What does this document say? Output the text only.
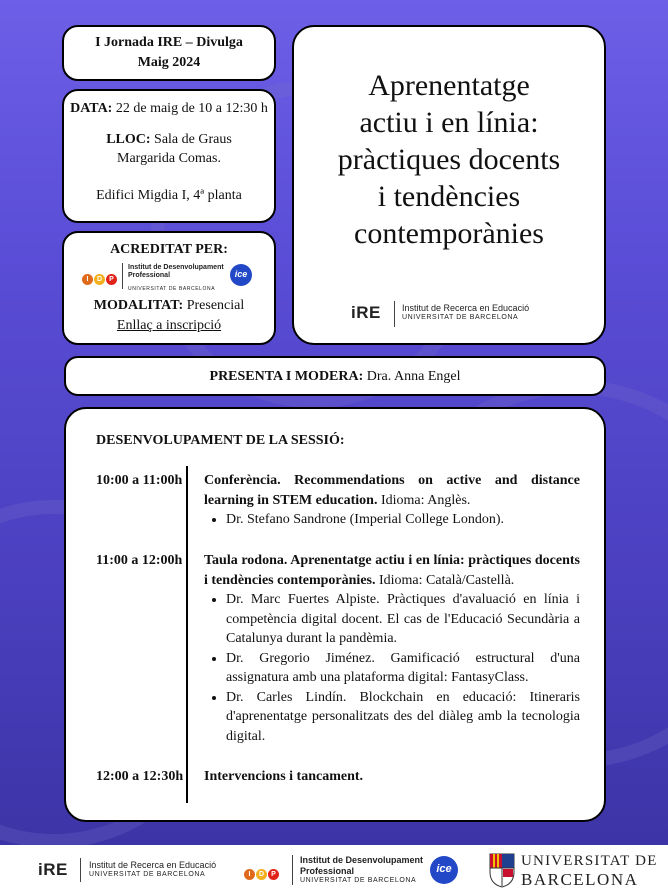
I Jornada IRE – Divulga
Maig 2024

DATA: 22 de maig de 10 a 12:30 h

LLOC: Sala de Graus
Margarida Comas.

Edifici Migdia I, 4ª planta

ACREDITAT PER:
I D P
Institut de Desenvolupament
Professional
UNIVERSITAT DE BARCELONA
ice
MODALITAT: Presencial
Enllaç a inscripció
Aprenentatge
actiu i en línia:
pràctiques docents
i tendències
contemporànies
iRE Institut de Recerca en Educació
UNIVERSITAT DE BARCELONA
PRESENTA I MODERA: Dra. Anna Engel
DESENVOLUPAMENT DE LA SESSIÓ:
10:00 a 11:00h Conferència. Recommendations on active and distance learning in STEM education. Idioma: Anglès.
• Dr. Stefano Sandrone (Imperial College London).
11:00 a 12:00h Taula rodona. Aprenentatge actiu i en línia: pràctiques docents i tendències contemporànies. Idioma: Català/Castellà.
• Dr. Marc Fuertes Alpiste. Pràctiques d'avaluació en línia i competència digital docent. El cas de l'Educació Secundària a Catalunya durant la pandèmia.
• Dr. Gregorio Jiménez. Gamificació estructural d'una assignatura amb una plataforma digital: FantasyClass.
• Dr. Carles Lindín. Blockchain en educació: Itineraris d'aprenentatge personalitzats des del diàleg amb la tecnologia digital.
12:00 a 12:30h Intervencions i tancament.
iRE Institut de Recerca en Educació
UNIVERSITAT DE BARCELONA	I D P
Institut de Desenvolupament
Professional
UNIVERSITAT DE BARCELONA
ice	UNIVERSITAT DE
BARCELONA
